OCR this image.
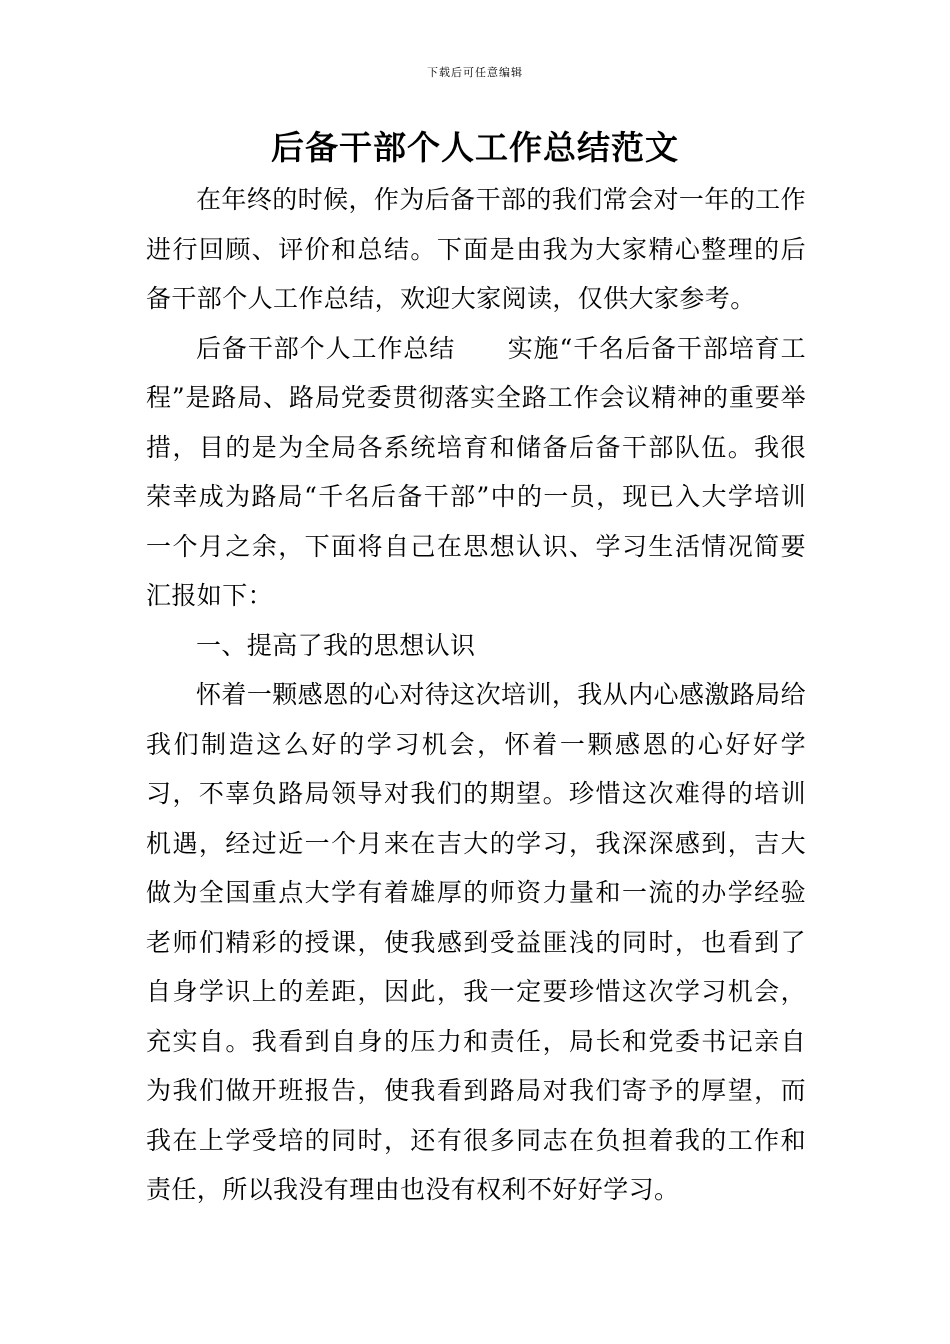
下载后可任意编辑
后备干部个人工作总结范文

在年终的时候，作为后备干部的我们常会对一年的工作进行回顾、评价和总结。下面是由我为大家精心整理的后备干部个人工作总结，欢迎大家阅读，仅供大家参考。

后备干部个人工作总结 实施“千名后备干部培育工程”是路局、路局党委贯彻落实全路工作会议精神的重要举措，目的是为全局各系统培育和储备后备干部队伍。我很荣幸成为路局“千名后备干部”中的一员，现已入大学培训一个月之余，下面将自己在思想认识、学习生活情况简要汇报如下：

一、提高了我的思想认识

怀着一颗感恩的心对待这次培训，我从内心感激路局给我们制造这么好的学习机会，怀着一颗感恩的心好好学习，不辜负路局领导对我们的期望。珍惜这次难得的培训机遇，经过近一个月来在吉大的学习，我深深感到，吉大做为全国重点大学有着雄厚的师资力量和一流的办学经验老师们精彩的授课，使我感到受益匪浅的同时，也看到了自身学识上的差距，因此，我一定要珍惜这次学习机会，充实自。我看到自身的压力和责任，局长和党委书记亲自为我们做开班报告，使我看到路局对我们寄予的厚望，而我在上学受培的同时，还有很多同志在负担着我的工作和责任，所以我没有理由也没有权利不好好学习。
